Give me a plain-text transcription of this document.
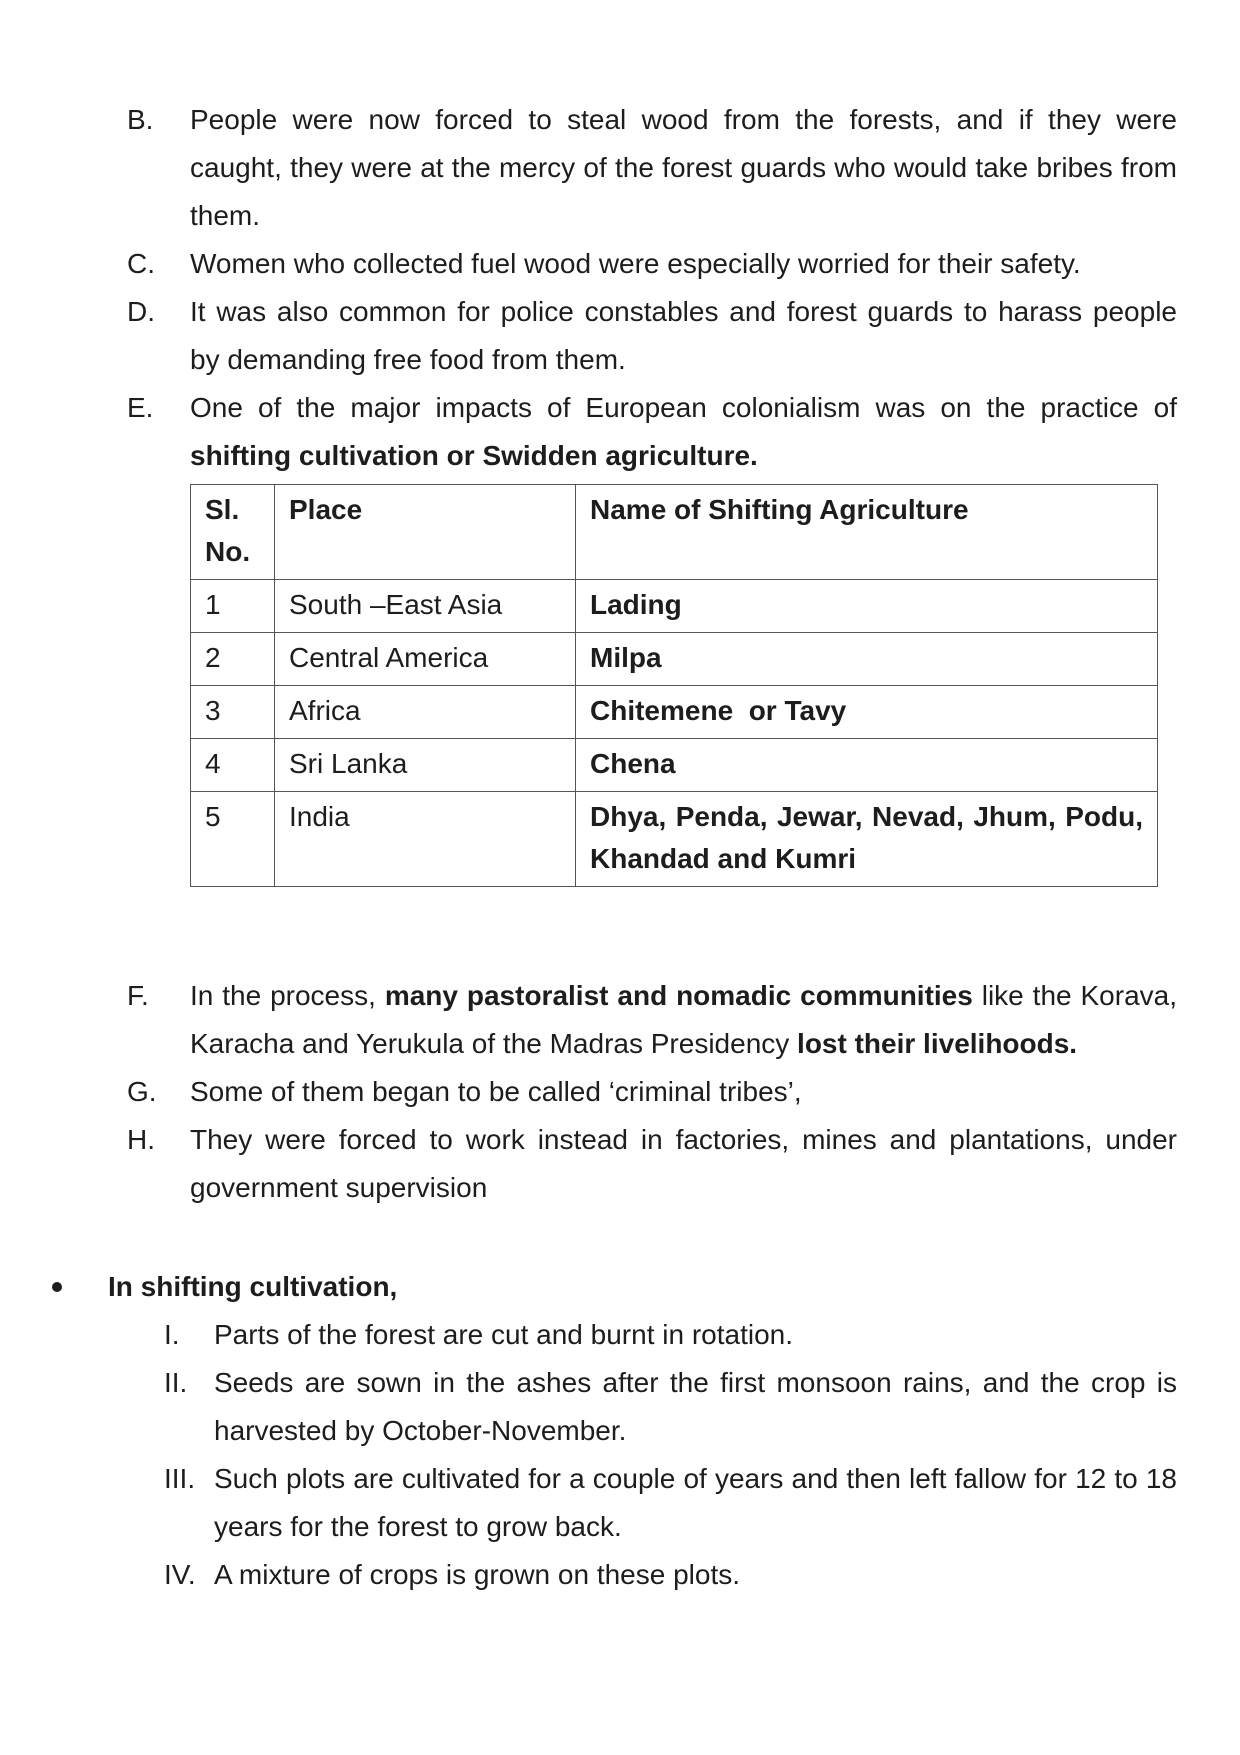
B. People were now forced to steal wood from the forests, and if they were caught, they were at the mercy of the forest guards who would take bribes from them.
C. Women who collected fuel wood were especially worried for their safety.
D. It was also common for police constables and forest guards to harass people by demanding free food from them.
E. One of the major impacts of European colonialism was on the practice of shifting cultivation or Swidden agriculture.
Sl. No.	Place	Name of Shifting Agriculture
1	South –East Asia	Lading
2	Central America	Milpa
3	Africa	Chitemene  or Tavy
4	Sri Lanka	Chena
5	India	Dhya, Penda, Jewar, Nevad, Jhum, Podu, Khandad and Kumri
F. In the process, many pastoralist and nomadic communities like the Korava, Karacha and Yerukula of the Madras Presidency lost their livelihoods.
G. Some of them began to be called ‘criminal tribes’,
H. They were forced to work instead in factories, mines and plantations, under government supervision
In shifting cultivation,
I. Parts of the forest are cut and burnt in rotation.
II. Seeds are sown in the ashes after the first monsoon rains, and the crop is harvested by October-November.
III. Such plots are cultivated for a couple of years and then left fallow for 12 to 18 years for the forest to grow back.
IV. A mixture of crops is grown on these plots.
